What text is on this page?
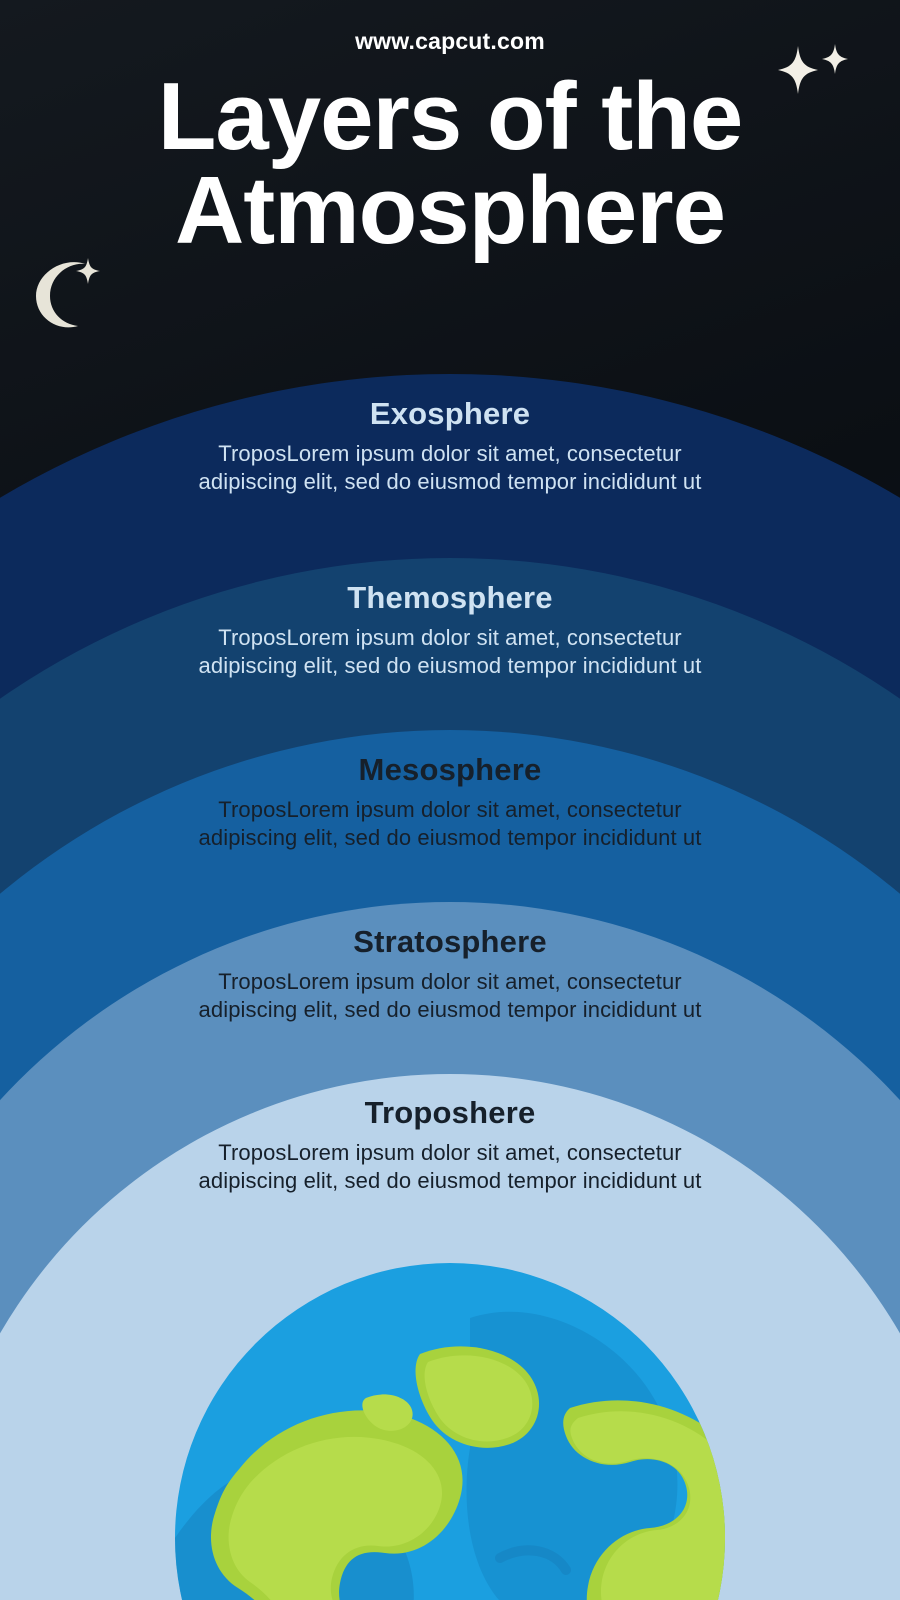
www.capcut.com
Layers of the
Atmosphere
Exosphere
TroposLorem ipsum dolor sit amet, consectetur adipiscing elit, sed do eiusmod tempor incididunt ut
Themosphere
TroposLorem ipsum dolor sit amet, consectetur adipiscing elit, sed do eiusmod tempor incididunt ut
Mesosphere
TroposLorem ipsum dolor sit amet, consectetur adipiscing elit, sed do eiusmod tempor incididunt ut
Stratosphere
TroposLorem ipsum dolor sit amet, consectetur adipiscing elit, sed do eiusmod tempor incididunt ut
Troposhere
TroposLorem ipsum dolor sit amet, consectetur adipiscing elit, sed do eiusmod tempor incididunt ut
